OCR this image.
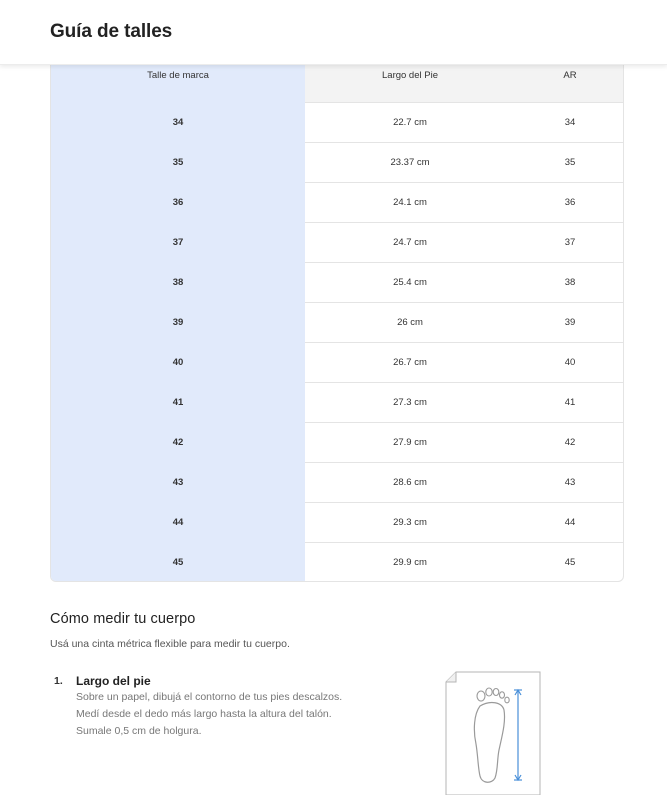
Guía de talles
Talle de marca	Largo del Pie	AR
34	22.7 cm	34
35	23.37 cm	35
36	24.1 cm	36
37	24.7 cm	37
38	25.4 cm	38
39	26 cm	39
40	26.7 cm	40
41	27.3 cm	41
42	27.9 cm	42
43	28.6 cm	43
44	29.3 cm	44
45	29.9 cm	45
Cómo medir tu cuerpo
Usá una cinta métrica flexible para medir tu cuerpo.
1. Largo del pie
Sobre un papel, dibujá el contorno de tus pies descalzos. Medí desde el dedo más largo hasta la altura del talón. Sumale 0,5 cm de holgura.
